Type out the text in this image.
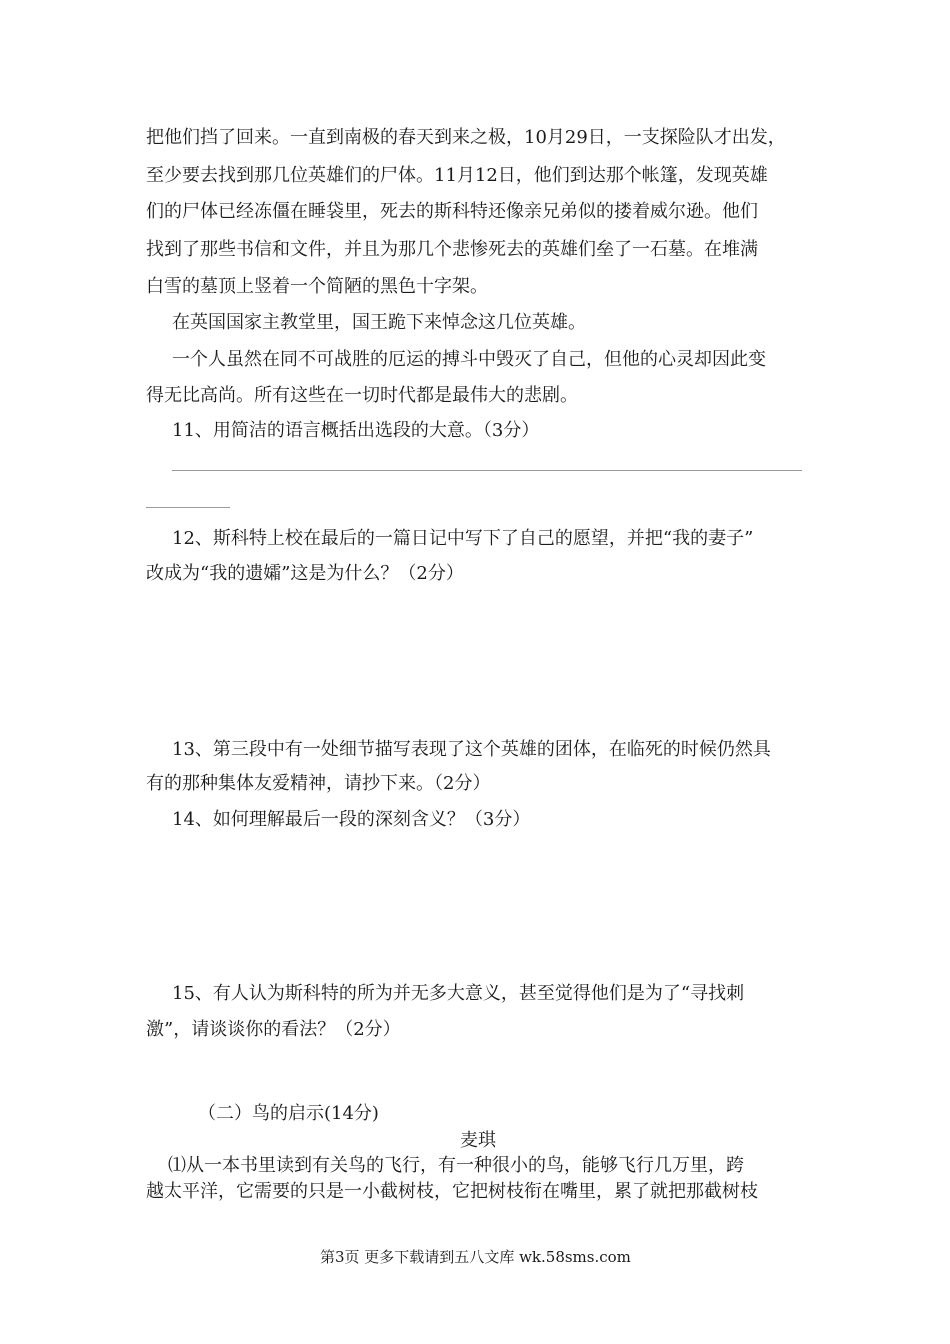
把他们挡了回来。一直到南极的春天到来之极，10月29日，一支探险队才出发，
至少要去找到那几位英雄们的尸体。11月12日，他们到达那个帐篷，发现英雄
们的尸体已经冻僵在睡袋里，死去的斯科特还像亲兄弟似的搂着威尔逊。他们
找到了那些书信和文件，并且为那几个悲惨死去的英雄们垒了一石墓。在堆满
白雪的墓顶上竖着一个简陋的黑色十字架。
在英国国家主教堂里，国王跪下来悼念这几位英雄。
一个人虽然在同不可战胜的厄运的搏斗中毁灭了自己，但他的心灵却因此变
得无比高尚。所有这些在一切时代都是最伟大的悲剧。
11、用简洁的语言概括出选段的大意。（3分）
12、斯科特上校在最后的一篇日记中写下了自己的愿望，并把“我的妻子”
改成为“我的遗孀”这是为什么？（2分）
13、第三段中有一处细节描写表现了这个英雄的团体，在临死的时候仍然具
有的那种集体友爱精神，请抄下来。（2分）
14、如何理解最后一段的深刻含义？（3分）
15、有人认为斯科特的所为并无多大意义，甚至觉得他们是为了“寻找刺
激”，请谈谈你的看法？（2分）
（二）鸟的启示(14分)
麦琪
⑴从一本书里读到有关鸟的飞行，有一种很小的鸟，能够飞行几万里，跨
越太平洋，它需要的只是一小截树枝，它把树枝衔在嘴里，累了就把那截树枝
第3页 更多下载请到五八文库 wk.58sms.com
